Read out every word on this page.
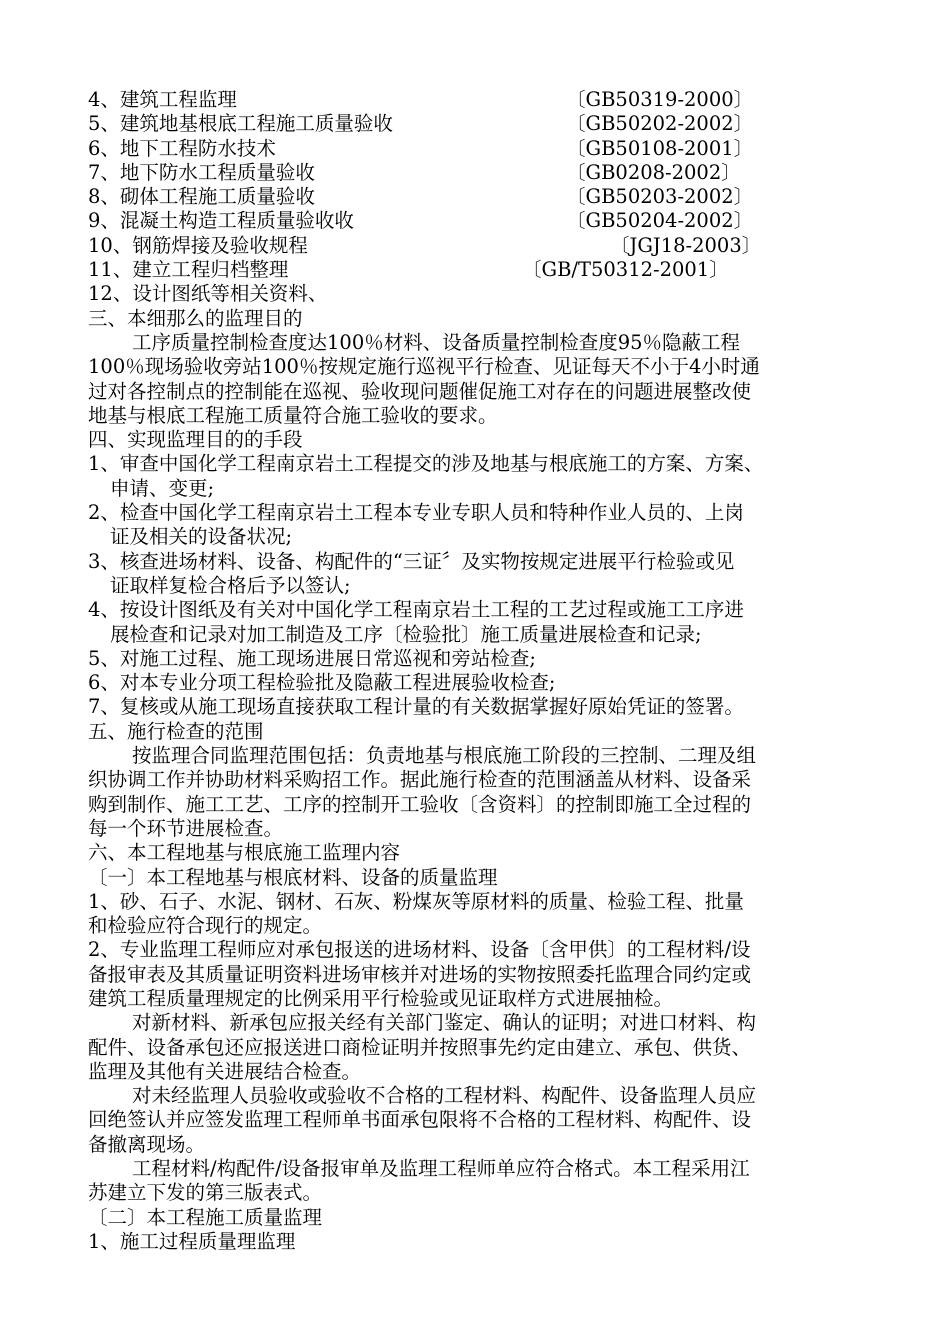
4、建筑工程监理	〔GB50319-2000〕
5、建筑地基根底工程施工质量验收	〔GB50202-2002〕
6、地下工程防水技术	〔GB50108-2001〕
7、地下防水工程质量验收	〔GB0208-2002〕
8、砌体工程施工质量验收	〔GB50203-2002〕
9、混凝土构造工程质量验收收	〔GB50204-2002〕
10、钢筋焊接及验收规程	〔JGJ18-2003〕
11、建立工程归档整理	〔GB/T50312-2001〕
12、设计图纸等相关资料、
三、本细那么的监理目的
工序质量控制检查度达100％材料、设备质量控制检查度95％隐蔽工程
100％现场验收旁站100％按规定施行巡视平行检查、见证每天不小于4小时通
过对各控制点的控制能在巡视、验收现问题催促施工对存在的问题进展整改使
地基与根底工程施工质量符合施工验收的要求。
四、实现监理目的的手段
1、审查中国化学工程南京岩土工程提交的涉及地基与根底施工的方案、方案、
申请、变更;
2、检查中国化学工程南京岩土工程本专业专职人员和特种作业人员的、上岗
证及相关的设备状况;
3、核查进场材料、设备、构配件的“三证〞及实物按规定进展平行检验或见
证取样复检合格后予以签认;
4、按设计图纸及有关对中国化学工程南京岩土工程的工艺过程或施工工序进
展检查和记录对加工制造及工序〔检验批〕施工质量进展检查和记录;
5、对施工过程、施工现场进展日常巡视和旁站检查;
6、对本专业分项工程检验批及隐蔽工程进展验收检查;
7、复核或从施工现场直接获取工程计量的有关数据掌握好原始凭证的签署。
五、施行检查的范围
按监理合同监理范围包括：负责地基与根底施工阶段的三控制、二理及组
织协调工作并协助材料采购招工作。据此施行检查的范围涵盖从材料、设备采
购到制作、施工工艺、工序的控制开工验收〔含资料〕的控制即施工全过程的
每一个环节进展检查。
六、本工程地基与根底施工监理内容
〔一〕本工程地基与根底材料、设备的质量监理
1、砂、石子、水泥、钢材、石灰、粉煤灰等原材料的质量、检验工程、批量
和检验应符合现行的规定。
2、专业监理工程师应对承包报送的进场材料、设备〔含甲供〕的工程材料/设
备报审表及其质量证明资料进场审核并对进场的实物按照委托监理合同约定或
建筑工程质量理规定的比例采用平行检验或见证取样方式进展抽检。
对新材料、新承包应报关经有关部门鉴定、确认的证明；对进口材料、构
配件、设备承包还应报送进口商检证明并按照事先约定由建立、承包、供货、
监理及其他有关进展结合检查。
对未经监理人员验收或验收不合格的工程材料、构配件、设备监理人员应
回绝签认并应签发监理工程师单书面承包限将不合格的工程材料、构配件、设
备撤离现场。
工程材料/构配件/设备报审单及监理工程师单应符合格式。本工程采用江
苏建立下发的第三版表式。
〔二〕本工程施工质量监理
1、施工过程质量理监理
